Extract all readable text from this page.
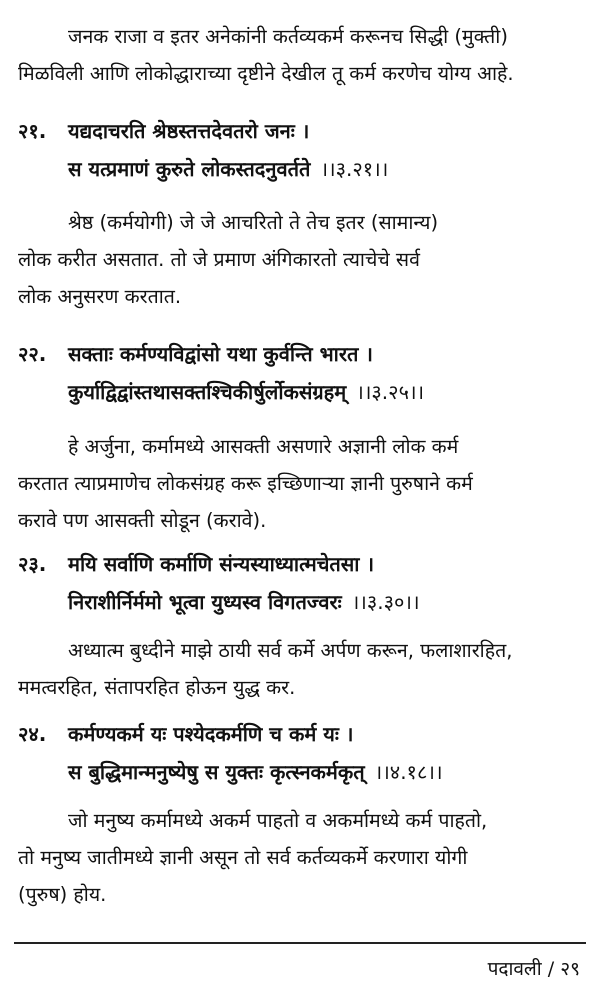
जनक राजा व इतर अनेकांनी कर्तव्यकर्म करूनच सिद्धी (मुक्ती)
मिळविली आणि लोकोद्धाराच्या दृष्टीने देखील तू कर्म करणेच योग्य आहे.

२१. यद्यदाचरति श्रेष्ठस्तत्तदेवतरो जनः ।
स यत्प्रमाणं कुरुते लोकस्तदनुवर्तते ।।३.२१।।

श्रेष्ठ (कर्मयोगी) जे जे आचरितो ते तेच इतर (सामान्य)
लोक करीत असतात. तो जे प्रमाण अंगिकारतो त्याचेचे सर्व
लोक अनुसरण करतात.

२२. सक्ताः कर्मण्यविद्वांसो यथा कुर्वन्ति भारत ।
कुर्याद्विद्वांस्तथासक्तश्चिकीर्षुर्लोकसंग्रहम् ।।३.२५।।

हे अर्जुना, कर्मामध्ये आसक्ती असणारे अज्ञानी लोक कर्म
करतात त्याप्रमाणेच लोकसंग्रह करू इच्छिणाऱ्या ज्ञानी पुरुषाने कर्म
करावे पण आसक्ती सोडून (करावे).

२३. मयि सर्वाणि कर्माणि संन्यस्याध्यात्मचेतसा ।
निराशीर्निर्ममो भूत्वा युध्यस्व विगतज्वरः ।।३.३०।।

अध्यात्म बुध्दीने माझे ठायी सर्व कर्मे अर्पण करून, फलाशारहित,
ममत्वरहित, संतापरहित होऊन युद्ध कर.

२४. कर्मण्यकर्म यः पश्येदकर्मणि च कर्म यः ।
स बुद्धिमान्मनुष्येषु स युक्तः कृत्स्नकर्मकृत् ।।४.१८।।

जो मनुष्य कर्मामध्ये अकर्म पाहतो व अकर्मामध्ये कर्म पाहतो,
तो मनुष्य जातीमध्ये ज्ञानी असून तो सर्व कर्तव्यकर्मे करणारा योगी
(पुरुष) होय.

पदावली / २९
